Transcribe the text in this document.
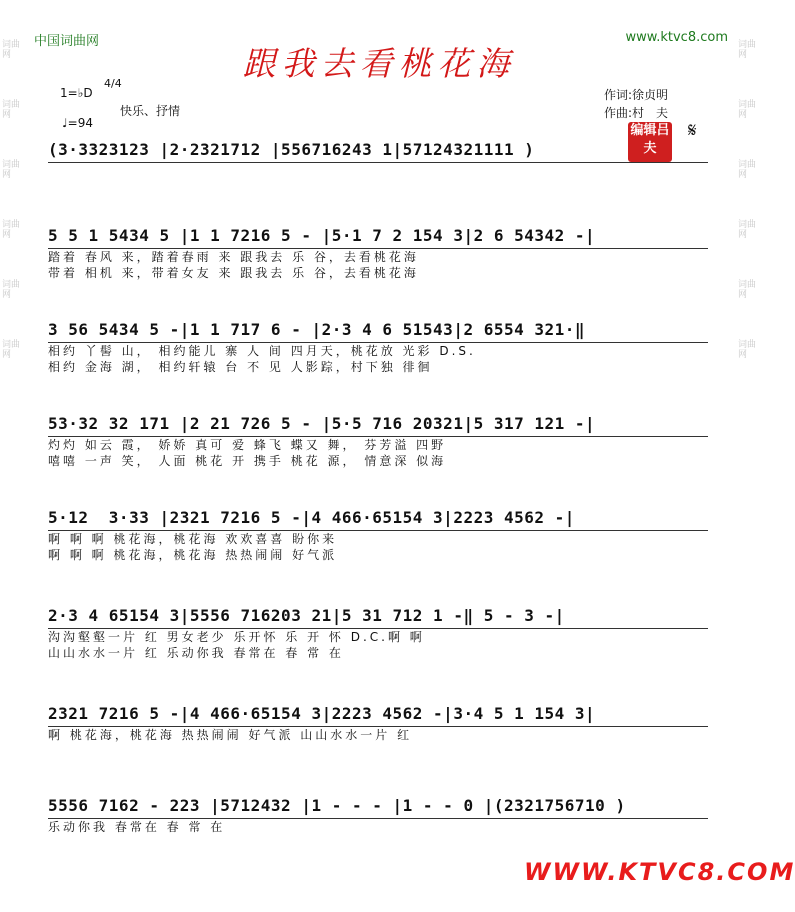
词曲网
词曲网
词曲网
词曲网
词曲网
词曲网
词曲网
词曲网
词曲网
词曲网
词曲网
词曲网
中国词曲网	www.ktvc8.com
跟我去看桃花海
1=♭D
4/4
快乐、抒情
♩=94
作词:徐贞明
作曲:村　夫
编辑吕夫
𝄋
(3·3323123 |2·2321712 |556716243 1|57124321111 )
5 5 1 5434 5 |1 1 7216 5 - |5·1 7 2 154 3|2 6 54342 -|
踏着 春风 来，踏着春雨 来 跟我去 乐 谷，去看桃花海
带着 相机 来，带着女友 来 跟我去 乐 谷，去看桃花海
3 56 5434 5 -|1 1 717 6 - |2·3 4 6 51543|2 6554 321·‖
相约 丫髻 山， 相约能儿 寨 人 间 四月天，桃花放 光彩 D.S.
相约 金海 湖， 相约轩辕 台 不 见 人影踪，村下独 徘徊
53·32 32 171 |2 21 726 5 - |5·5 716 20321|5 317 121 -|
灼灼 如云 霞， 娇娇 真可 爱 蜂飞 蝶又 舞， 芬芳溢 四野
嘻嘻 一声 笑， 人面 桃花 开 携手 桃花 源， 情意深 似海
5·12  3·33 |2321 7216 5 -|4 466·65154 3|2223 4562 -|
啊 啊 啊 桃花海，桃花海 欢欢喜喜 盼你来
啊 啊 啊 桃花海，桃花海 热热闹闹 好气派
2·3 4 65154 3|5556 716203 21|5 31 712 1 -‖ 5 - 3 -|
沟沟壑壑一片 红 男女老少 乐开怀 乐 开 怀 D.C.啊 啊
山山水水一片 红 乐动你我 春常在 春 常 在
2321 7216 5 -|4 466·65154 3|2223 4562 -|3·4 5 1 154 3|
啊 桃花海，桃花海 热热闹闹 好气派 山山水水一片 红
5556 7162 - 223 |5712432 |1 - - - |1 - - 0 |(2321756710 )
乐动你我 春常在 春 常 在
WWW.KTVC8.COM
